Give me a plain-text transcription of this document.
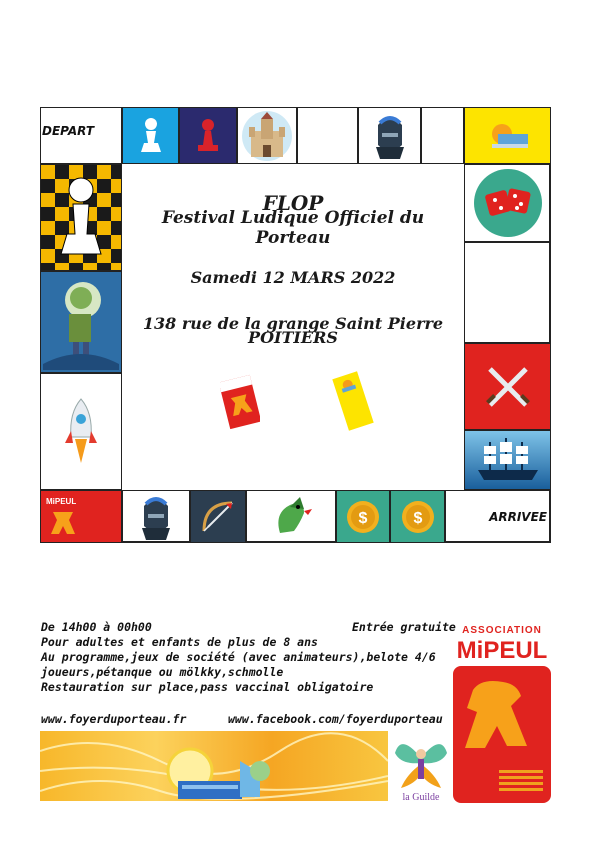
DEPART
MiPEUL
$	$	ARRIVEE
FLOP
Festival Ludique Officiel du Porteau
Samedi 12 MARS 2022
138 rue de la grange Saint Pierre
POITIERS
De 14h00 à 00h00
Pour adultes et enfants de plus de 8 ans
Au programme,jeux de société (avec animateurs),belote 4/6
joueurs,pétanque ou mölkky,schmolle
Restauration sur place,pass vaccinal obligatoire
Entrée gratuite
www.foyerduporteau.fr	www.facebook.com/foyerduporteau
la Guilde
ASSOCIATION
MiPEUL
